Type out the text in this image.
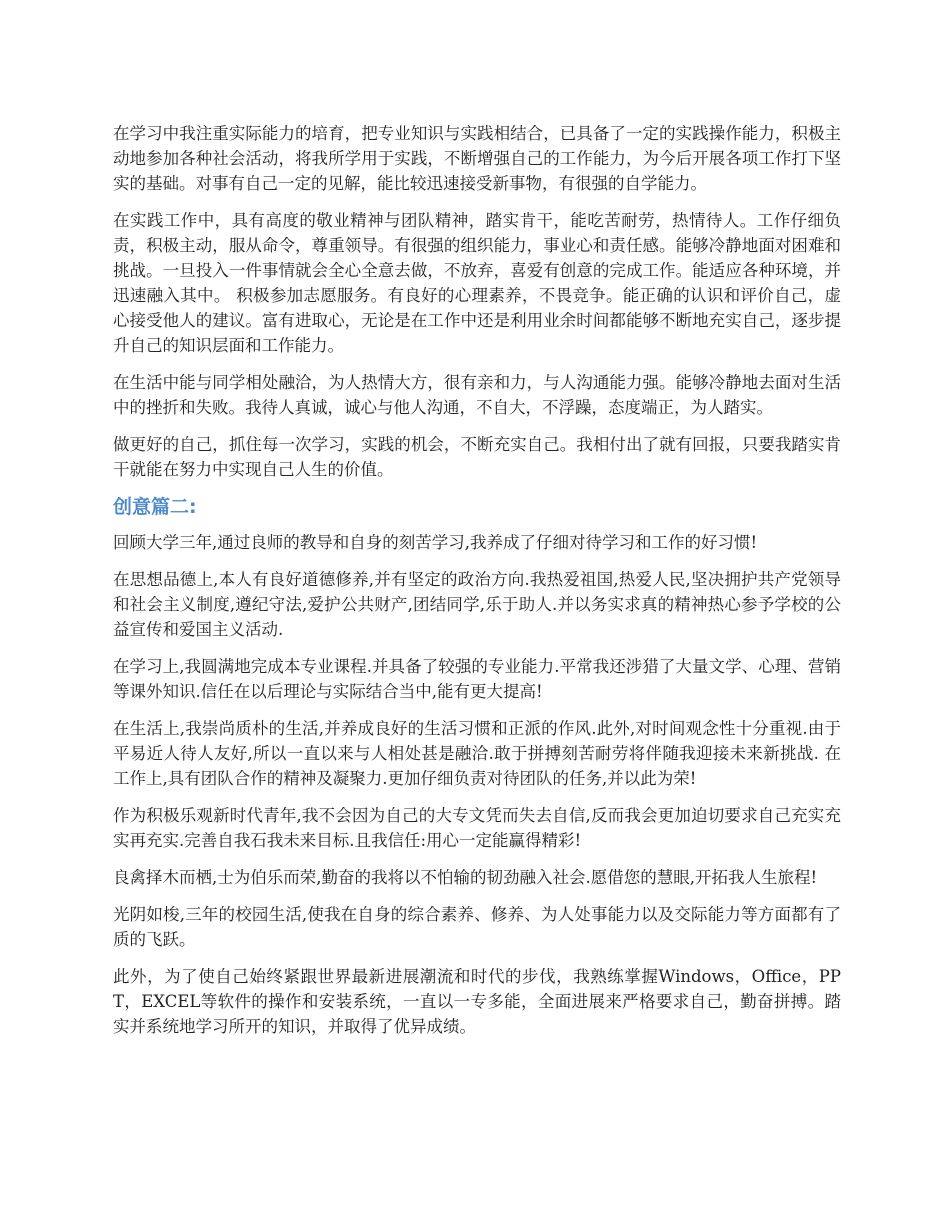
在学习中我注重实际能力的培育，把专业知识与实践相结合，已具备了一定的实践操作能力，积极主动地参加各种社会活动，将我所学用于实践，不断增强自己的工作能力，为今后开展各项工作打下坚实的基础。对事有自己一定的见解，能比较迅速接受新事物，有很强的自学能力。

在实践工作中，具有高度的敬业精神与团队精神，踏实肯干，能吃苦耐劳，热情待人。工作仔细负责，积极主动，服从命令，尊重领导。有很强的组织能力，事业心和责任感。能够冷静地面对困难和挑战。一旦投入一件事情就会全心全意去做，不放弃，喜爱有创意的完成工作。能适应各种环境，并迅速融入其中。 积极参加志愿服务。有良好的心理素养，不畏竞争。能正确的认识和评价自己，虚心接受他人的建议。富有进取心，无论是在工作中还是利用业余时间都能够不断地充实自己，逐步提升自己的知识层面和工作能力。

在生活中能与同学相处融洽，为人热情大方，很有亲和力，与人沟通能力强。能够冷静地去面对生活中的挫折和失败。我待人真诚，诚心与他人沟通，不自大，不浮躁，态度端正，为人踏实。

做更好的自己，抓住每一次学习，实践的机会，不断充实自己。我相付出了就有回报，只要我踏实肯干就能在努力中实现自己人生的价值。

创意篇二:

回顾大学三年,通过良师的教导和自身的刻苦学习,我养成了仔细对待学习和工作的好习惯!

在思想品德上,本人有良好道德修养,并有坚定的政治方向.我热爱祖国,热爱人民,坚决拥护共产党领导和社会主义制度,遵纪守法,爱护公共财产,团结同学,乐于助人.并以务实求真的精神热心参予学校的公益宣传和爱国主义活动.

在学习上,我圆满地完成本专业课程.并具备了较强的专业能力.平常我还涉猎了大量文学、心理、营销等课外知识.信任在以后理论与实际结合当中,能有更大提高!

在生活上,我崇尚质朴的生活,并养成良好的生活习惯和正派的作风.此外,对时间观念性十分重视.由于平易近人待人友好,所以一直以来与人相处甚是融洽.敢于拼搏刻苦耐劳将伴随我迎接未来新挑战. 在工作上,具有团队合作的精神及凝聚力.更加仔细负责对待团队的任务,并以此为荣!

作为积极乐观新时代青年,我不会因为自己的大专文凭而失去自信,反而我会更加迫切要求自己充实充实再充实.完善自我石我未来目标.且我信任:用心一定能赢得精彩!

良禽择木而栖,士为伯乐而荣,勤奋的我将以不怕输的韧劲融入社会.愿借您的慧眼,开拓我人生旅程!

光阴如梭,三年的校园生活,使我在自身的综合素养、修养、为人处事能力以及交际能力等方面都有了质的飞跃。

此外，为了使自己始终紧跟世界最新进展潮流和时代的步伐，我熟练掌握Windows，Office，PPT，EXCEL等软件的操作和安装系统，一直以一专多能，全面进展来严格要求自己，勤奋拼搏。踏实并系统地学习所开的知识，并取得了优异成绩。
